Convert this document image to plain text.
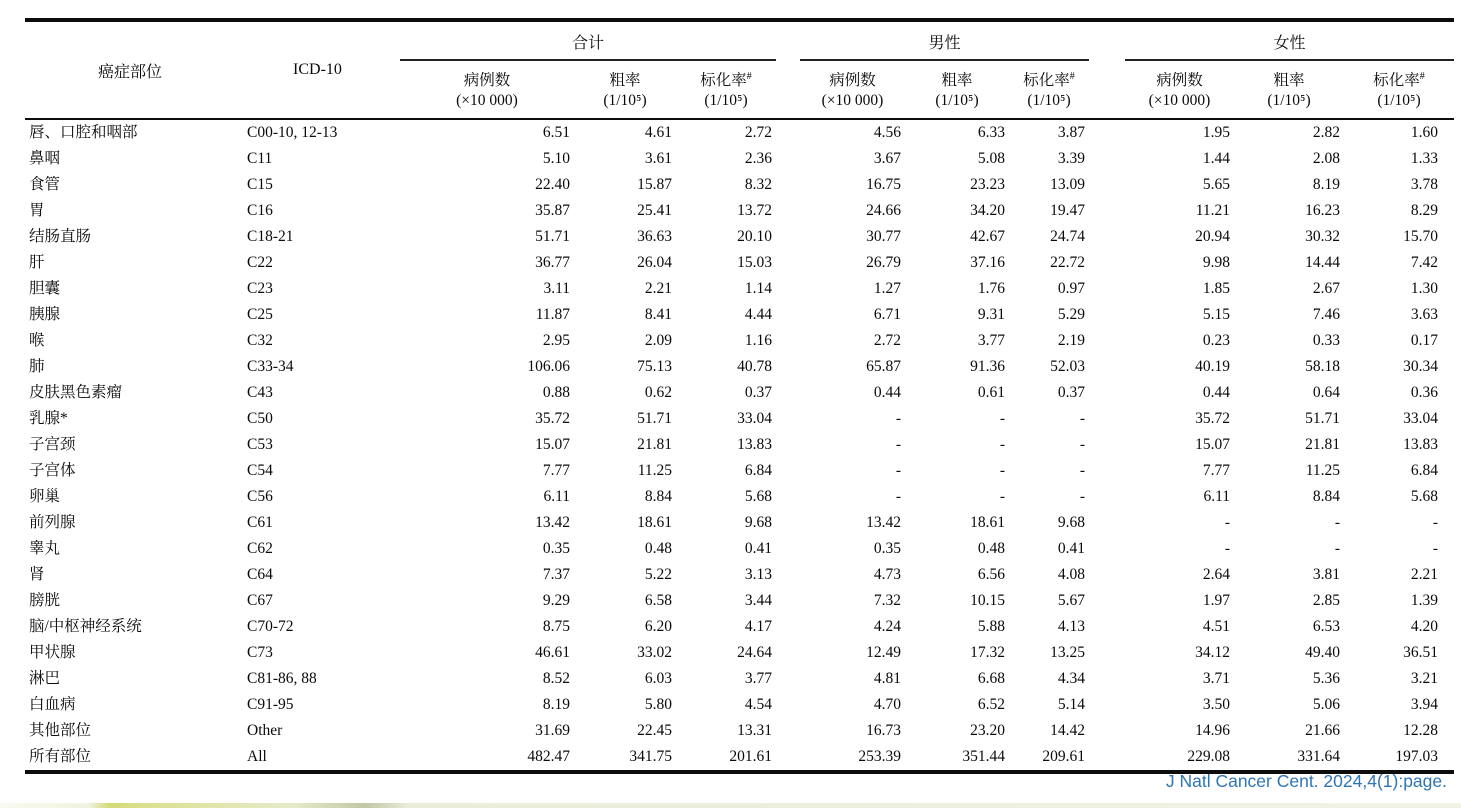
癌症部位	ICD-10	合计				男性				女性		
		病例数	粗率	标化率#		病例数	粗率	标化率#		病例数	粗率	标化率#
		(×10 000)	(1/10⁵)	(1/10⁵)		(×10 000)	(1/10⁵)	(1/10⁵)		(×10 000)	(1/10⁵)	(1/10⁵)
唇、口腔和咽部	C00-10, 12-13	6.51	4.61	2.72		4.56	6.33	3.87		1.95	2.82	1.60
鼻咽	C11	5.10	3.61	2.36		3.67	5.08	3.39		1.44	2.08	1.33
食管	C15	22.40	15.87	8.32		16.75	23.23	13.09		5.65	8.19	3.78
胃	C16	35.87	25.41	13.72		24.66	34.20	19.47		11.21	16.23	8.29
结肠直肠	C18-21	51.71	36.63	20.10		30.77	42.67	24.74		20.94	30.32	15.70
肝	C22	36.77	26.04	15.03		26.79	37.16	22.72		9.98	14.44	7.42
胆囊	C23	3.11	2.21	1.14		1.27	1.76	0.97		1.85	2.67	1.30
胰腺	C25	11.87	8.41	4.44		6.71	9.31	5.29		5.15	7.46	3.63
喉	C32	2.95	2.09	1.16		2.72	3.77	2.19		0.23	0.33	0.17
肺	C33-34	106.06	75.13	40.78		65.87	91.36	52.03		40.19	58.18	30.34
皮肤黑色素瘤	C43	0.88	0.62	0.37		0.44	0.61	0.37		0.44	0.64	0.36
乳腺*	C50	35.72	51.71	33.04		-	-	-		35.72	51.71	33.04
子宫颈	C53	15.07	21.81	13.83		-	-	-		15.07	21.81	13.83
子宫体	C54	7.77	11.25	6.84		-	-	-		7.77	11.25	6.84
卵巢	C56	6.11	8.84	5.68		-	-	-		6.11	8.84	5.68
前列腺	C61	13.42	18.61	9.68		13.42	18.61	9.68		-	-	-
睾丸	C62	0.35	0.48	0.41		0.35	0.48	0.41		-	-	-
肾	C64	7.37	5.22	3.13		4.73	6.56	4.08		2.64	3.81	2.21
膀胱	C67	9.29	6.58	3.44		7.32	10.15	5.67		1.97	2.85	1.39
脑/中枢神经系统	C70-72	8.75	6.20	4.17		4.24	5.88	4.13		4.51	6.53	4.20
甲状腺	C73	46.61	33.02	24.64		12.49	17.32	13.25		34.12	49.40	36.51
淋巴	C81-86, 88	8.52	6.03	3.77		4.81	6.68	4.34		3.71	5.36	3.21
白血病	C91-95	8.19	5.80	4.54		4.70	6.52	5.14		3.50	5.06	3.94
其他部位	Other	31.69	22.45	13.31		16.73	23.20	14.42		14.96	21.66	12.28
所有部位	All	482.47	341.75	201.61		253.39	351.44	209.61		229.08	331.64	197.03
J Natl Cancer Cent. 2024,4(1):page.
